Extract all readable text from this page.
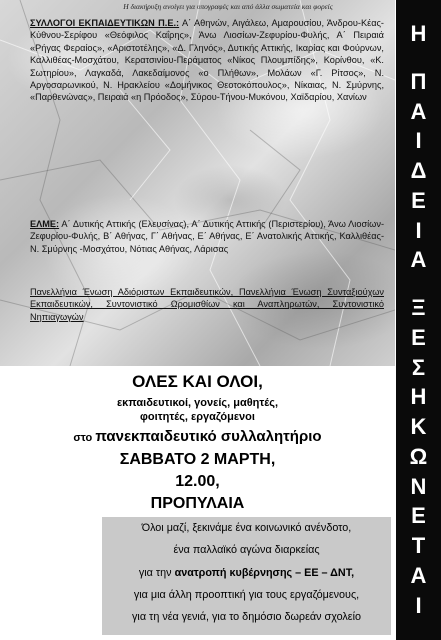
Η διακήρυξη ανοίγει για υπογραφές και από άλλα σωματεία και φορείς
ΣΥΛΛΟΓΟΙ ΕΚΠΑΙΔΕΥΤΙΚΩΝ Π.Ε.: Α΄ Αθηνών, Αιγάλεω, Αμαρουσίου, Άνδρου-Κέας-Κύθνου-Σερίφου «Θεόφιλος Καΐρης», Άνω Λιοσίων-Ζεφυρίου-Φυλής, Α΄ Πειραιά «Ρήγας Φεραίος», «Αριστοτέλης», «Δ. Γληνός», Δυτικής Αττικής, Ικαρίας και Φούρνων, Καλλιθέας-Μοσχάτου, Κερατσινίου-Περάματος «Νίκος Πλουμπίδης», Κορίνθου, «Κ. Σωτηρίου», Λαγκαδά, Λακεδαίμονος «ο Πλήθων», Μολάων «Γ. Ρίτσος», Ν. Αργοσαρωνικού, Ν. Ηρακλείου «Δομήνικος Θεοτοκόπουλος», Νίκαιας, Ν. Σμύρνης, «Παρθενώνας», Πειραιά «η Πρόοδος», Σύρου-Τήνου-Μυκόνου, Χαϊδαρίου, Χανίων
ΕΛΜΕ: Α΄ Δυτικής Αττικής (Ελευσίνας), Α΄ Δυτικής Αττικής (Περιστερίου), Άνω Λιοσίων-Ζεφυρίου-Φυλής, Β΄ Αθήνας, Γ΄ Αθήνας, Ε΄ Αθήνας, Ε΄ Ανατολικής Αττικής, Καλλιθέας-Ν. Σμύρνης -Μοσχάτου, Νότιας Αθήνας, Λάρισας
Πανελλήνια Ένωση Αδιόριστων Εκπαιδευτικών, Πανελλήνια Ένωση Συνταξιούχων Εκπαιδευτικών, Συντονιστικό Ωρομισθίων και Αναπληρωτών, Συντονιστικό Νηπιαγωγών
Η
Π
Α
Ι
Δ
Ε
Ι
Α
Ξ
Ε
Σ
Η
Κ
Ω
Ν
Ε
Τ
Α
Ι
ΟΛΕΣ ΚΑΙ ΟΛΟΙ,
εκπαιδευτικοί, γονείς, μαθητές,
φοιτητές, εργαζόμενοι
στο πανεκπαιδευτικό συλλαλητήριο
ΣΑΒΒΑΤΟ 2 ΜΑΡΤΗ,
12.00,
ΠΡΟΠΥΛΑΙΑ
Όλοι μαζί, ξεκινάμε ένα κοινωνικό ανένδοτο,
ένα παλλαϊκό αγώνα διαρκείας
για την ανατροπή κυβέρνησης – ΕΕ – ΔΝΤ,
για μια άλλη προοπτική για τους εργαζόμενους,
για τη νέα γενιά, για το δημόσιο δωρεάν σχολείο
